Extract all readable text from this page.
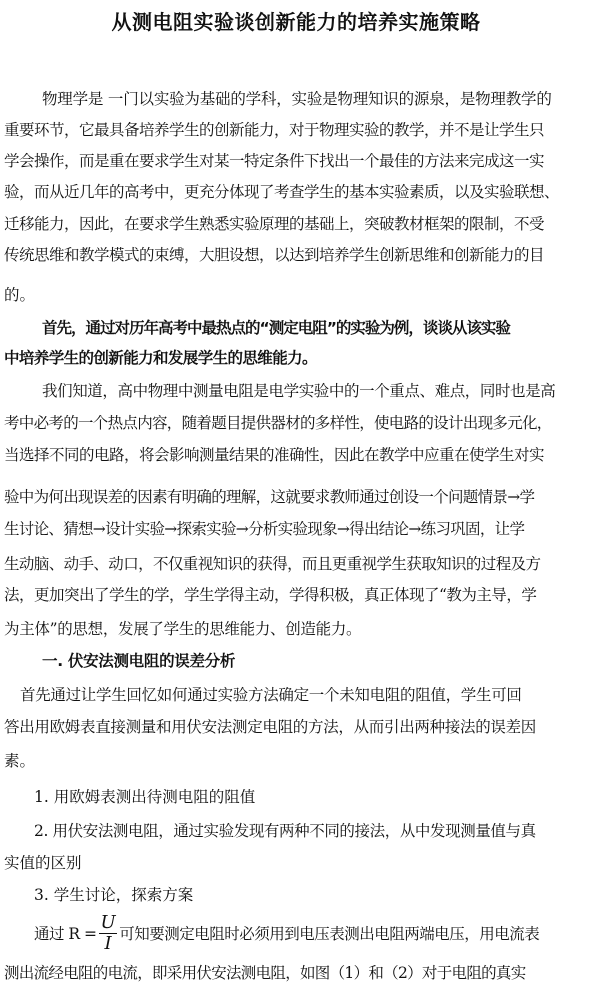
从测电阻实验谈创新能力的培养实施策略
物理学是 一门以实验为基础的学科，实验是物理知识的源泉，是物理教学的
重要环节，它最具备培养学生的创新能力，对于物理实验的教学，并不是让学生只
学会操作，而是重在要求学生对某一特定条件下找出一个最佳的方法来完成这一实
验，而从近几年的高考中，更充分体现了考查学生的基本实验素质，以及实验联想、
迁移能力，因此，在要求学生熟悉实验原理的基础上，突破教材框架的限制，不受
传统思维和教学模式的束缚，大胆设想，以达到培养学生创新思维和创新能力的目
的。
首先，通过对历年高考中最热点的“测定电阻”的实验为例，谈谈从该实验
中培养学生的创新能力和发展学生的思维能力。
我们知道，高中物理中测量电阻是电学实验中的一个重点、难点，同时也是高
考中必考的一个热点内容，随着题目提供器材的多样性，使电路的设计出现多元化，
当选择不同的电路，将会影响测量结果的准确性，因此在教学中应重在使学生对实
验中为何出现误差的因素有明确的理解，这就要求教师通过创设一个问题情景→学
生讨论、猜想→设计实验→探索实验→分析实验现象→得出结论→练习巩固，让学
生动脑、动手、动口，不仅重视知识的获得，而且更重视学生获取知识的过程及方
法，更加突出了学生的学，学生学得主动，学得积极，真正体现了“教为主导，学
为主体”的思想，发展了学生的思维能力、创造能力。
一. 伏安法测电阻的误差分析
首先通过让学生回忆如何通过实验方法确定一个未知电阻的阻值，学生可回
答出用欧姆表直接测量和用伏安法测定电阻的方法，从而引出两种接法的误差因
素。
1. 用欧姆表测出待测电阻的阻值
2. 用伏安法测电阻，通过实验发现有两种不同的接法，从中发现测量值与真
实值的区别
3. 学生讨论，探索方案
通过 $R = \frac{U}{I}$ 可知要测定电阻时必须用到电压表测出电阻两端电压，用电流表
测出流经电阻的电流，即采用伏安法测电阻，如图（1）和（2）对于电阻的真实
